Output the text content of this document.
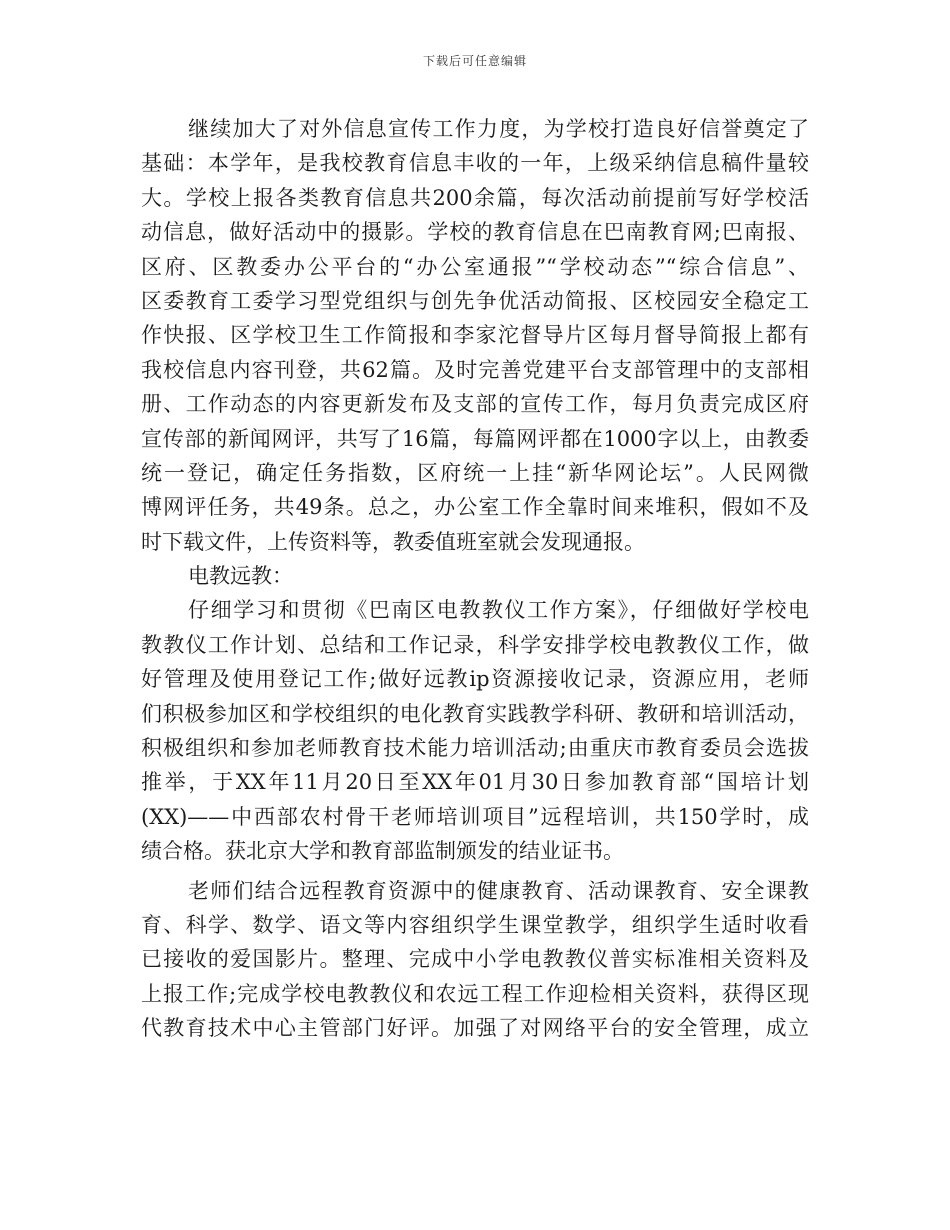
下载后可任意编辑
继续加大了对外信息宣传工作力度，为学校打造良好信誉奠定了
基础：本学年，是我校教育信息丰收的一年，上级采纳信息稿件量较
大。学校上报各类教育信息共200余篇，每次活动前提前写好学校活
动信息，做好活动中的摄影。学校的教育信息在巴南教育网;巴南报、
区府、区教委办公平台的“办公室通报”“学校动态”“综合信息”、
区委教育工委学习型党组织与创先争优活动简报、区校园安全稳定工
作快报、区学校卫生工作简报和李家沱督导片区每月督导简报上都有
我校信息内容刊登，共62篇。及时完善党建平台支部管理中的支部相
册、工作动态的内容更新发布及支部的宣传工作，每月负责完成区府
宣传部的新闻网评，共写了16篇，每篇网评都在1000字以上，由教委
统一登记，确定任务指数，区府统一上挂“新华网论坛”。人民网微
博网评任务，共49条。总之，办公室工作全靠时间来堆积，假如不及
时下载文件，上传资料等，教委值班室就会发现通报。
电教远教：
仔细学习和贯彻《巴南区电教教仪工作方案》，仔细做好学校电
教教仪工作计划、总结和工作记录，科学安排学校电教教仪工作，做
好管理及使用登记工作;做好远教ip资源接收记录，资源应用，老师
们积极参加区和学校组织的电化教育实践教学科研、教研和培训活动，
积极组织和参加老师教育技术能力培训活动;由重庆市教育委员会选拔
推举，于XX年11月20日至XX年01月30日参加教育部“国培计划
(XX)——中西部农村骨干老师培训项目”远程培训，共150学时，成
绩合格。获北京大学和教育部监制颁发的结业证书。
老师们结合远程教育资源中的健康教育、活动课教育、安全课教
育、科学、数学、语文等内容组织学生课堂教学，组织学生适时收看
已接收的爱国影片。整理、完成中小学电教教仪普实标准相关资料及
上报工作;完成学校电教教仪和农远工程工作迎检相关资料，获得区现
代教育技术中心主管部门好评。加强了对网络平台的安全管理，成立
